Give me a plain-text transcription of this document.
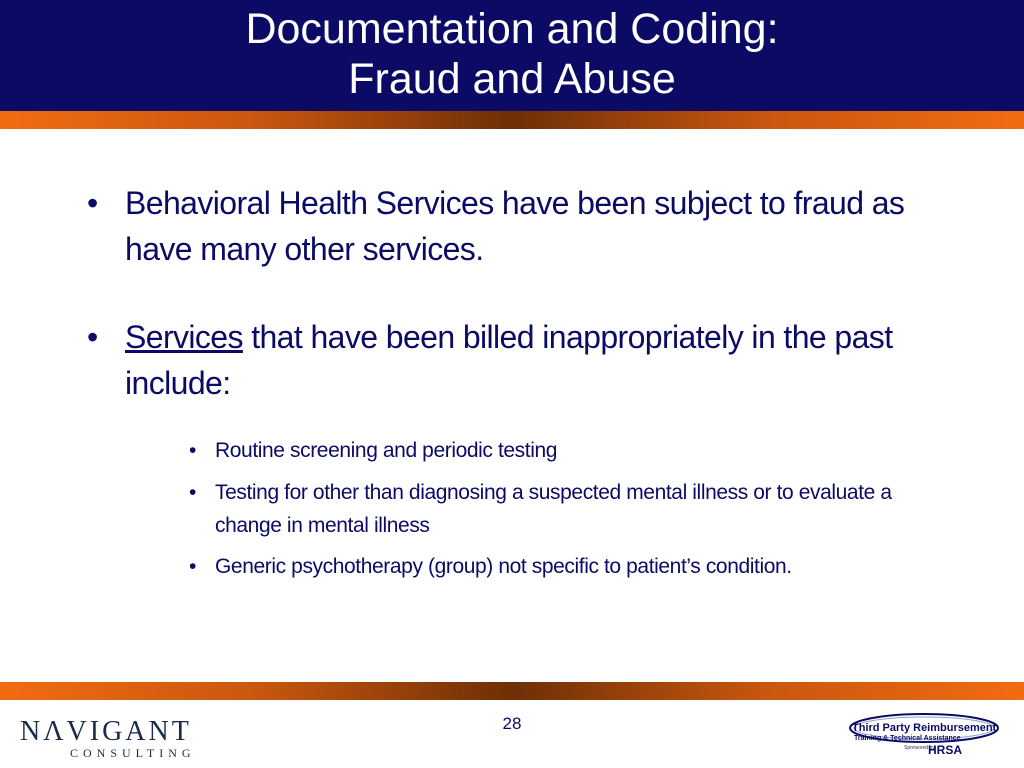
Documentation and Coding:
Fraud and Abuse
• Behavioral Health Services have been subject to fraud as have many other services.
• Services that have been billed inappropriately in the past include:
• Routine screening and periodic testing
• Testing for other than diagnosing a suspected mental illness or to evaluate a change in mental illness
• Generic psychotherapy (group) not specific to patient’s condition.
28
NΛVIGANT
CONSULTING
Third Party Reimbursement
Training & Technical Assistance
Sponsored by
HRSA
